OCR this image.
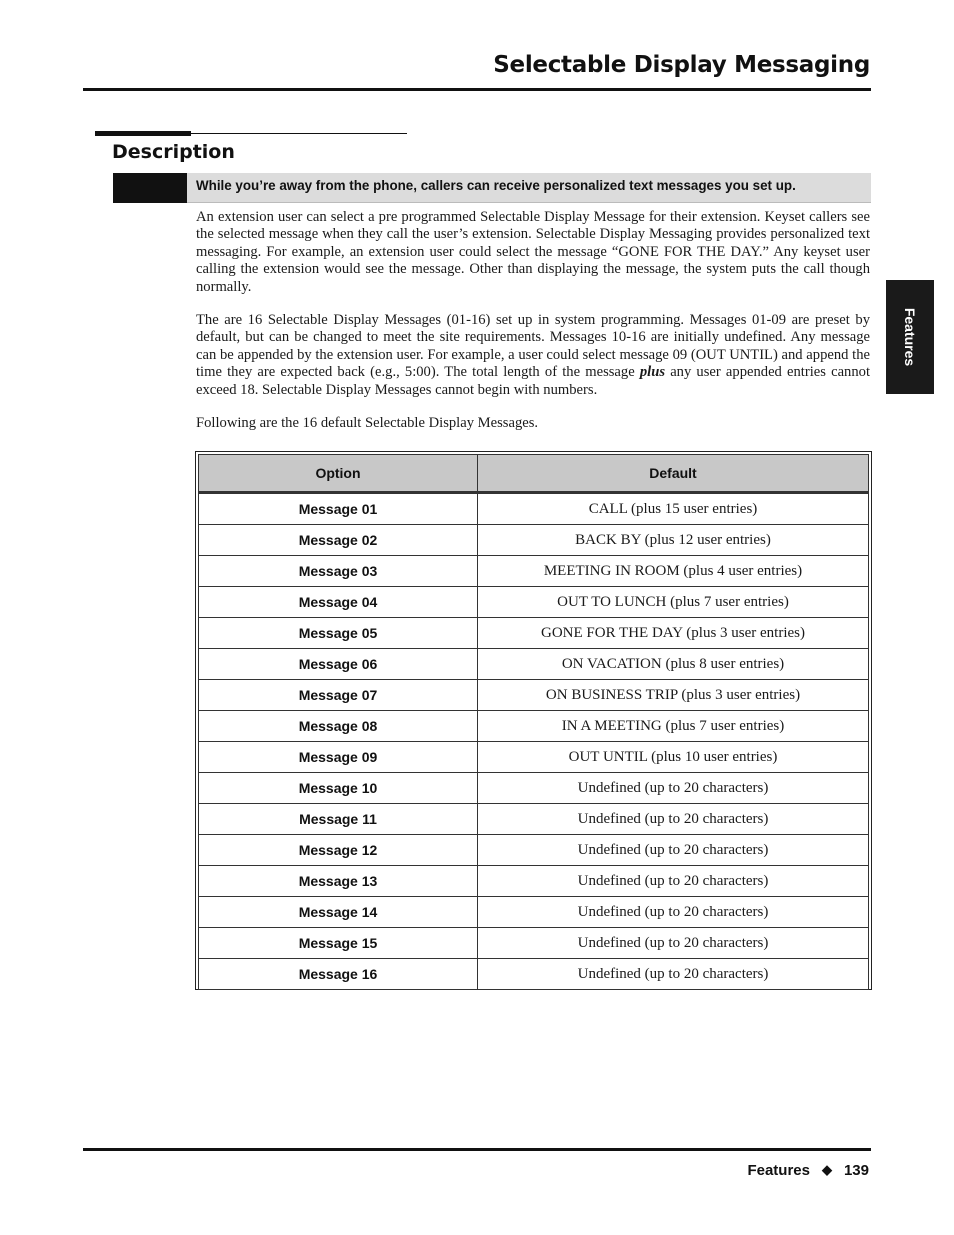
Selectable Display Messaging
Description
While you’re away from the phone, callers can receive personalized text messages you set up.

An extension user can select a pre programmed Selectable Display Message for their extension. Keyset callers see the selected message when they call the user’s extension. Selectable Display Messaging provides personalized text messaging. For example, an extension user could select the message “GONE FOR THE DAY.” Any keyset user calling the extension would see the message. Other than displaying the message, the system puts the call though normally.

The are 16 Selectable Display Messages (01-16) set up in system programming. Messages 01-09 are preset by default, but can be changed to meet the site requirements. Messages 10-16 are initially undefined. Any message can be appended by the extension user. For example, a user could select message 09 (OUT UNTIL) and append the time they are expected back (e.g., 5:00). The total length of the message plus any user appended entries cannot exceed 18. Selectable Display Messages cannot begin with numbers.

Following are the 16 default Selectable Display Messages.

Option	Default
Message 01	CALL (plus 15 user entries)
Message 02	BACK BY (plus 12 user entries)
Message 03	MEETING IN ROOM (plus 4 user entries)
Message 04	OUT TO LUNCH (plus 7 user entries)
Message 05	GONE FOR THE DAY (plus 3 user entries)
Message 06	ON VACATION (plus 8 user entries)
Message 07	ON BUSINESS TRIP (plus 3 user entries)
Message 08	IN A MEETING (plus 7 user entries)
Message 09	OUT UNTIL (plus 10 user entries)
Message 10	Undefined (up to 20 characters)
Message 11	Undefined (up to 20 characters)
Message 12	Undefined (up to 20 characters)
Message 13	Undefined (up to 20 characters)
Message 14	Undefined (up to 20 characters)
Message 15	Undefined (up to 20 characters)
Message 16	Undefined (up to 20 characters)
Features
Features ◆ 139
